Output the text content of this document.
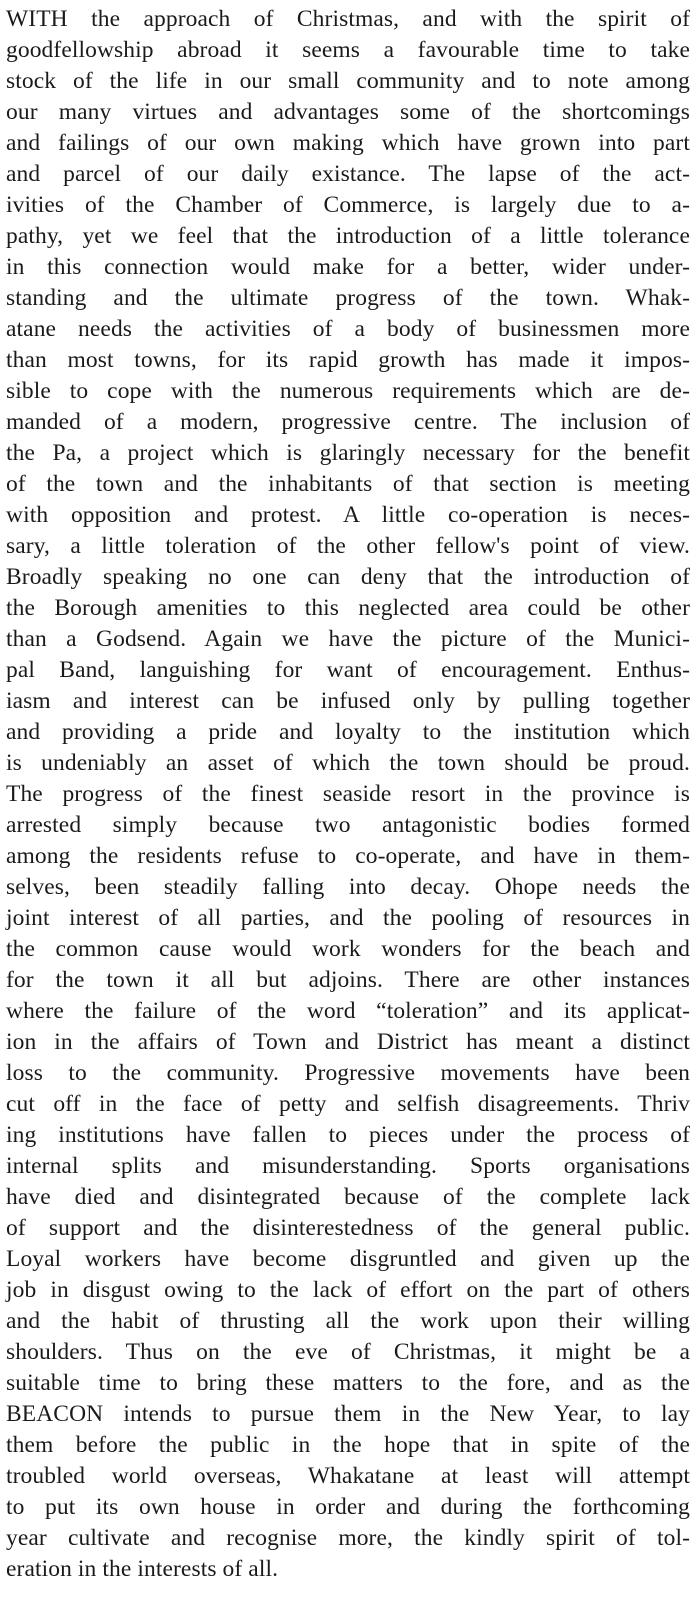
WITH the approach of Christmas, and with the spirit of
goodfellowship abroad it seems a favourable time to take
stock of the life in our small community and to note among
our many virtues and advantages some of the shortcomings
and failings of our own making which have grown into part
and parcel of our daily existance. The lapse of the act-
ivities of the Chamber of Commerce, is largely due to a-
pathy, yet we feel that the introduction of a little tolerance
in this connection would make for a better, wider under-
standing and the ultimate progress of the town. Whak-
atane needs the activities of a body of businessmen more
than most towns, for its rapid growth has made it impos-
sible to cope with the numerous requirements which are de-
manded of a modern, progressive centre. The inclusion of
the Pa, a project which is glaringly necessary for the benefit
of the town and the inhabitants of that section is meeting
with opposition and protest. A little co-operation is neces-
sary, a little toleration of the other fellow's point of view.
Broadly speaking no one can deny that the introduction of
the Borough amenities to this neglected area could be other
than a Godsend. Again we have the picture of the Munici-
pal Band, languishing for want of encouragement. Enthus-
iasm and interest can be infused only by pulling together
and providing a pride and loyalty to the institution which
is undeniably an asset of which the town should be proud.
The progress of the finest seaside resort in the province is
arrested simply because two antagonistic bodies formed
among the residents refuse to co-operate, and have in them-
selves, been steadily falling into decay. Ohope needs the
joint interest of all parties, and the pooling of resources in
the common cause would work wonders for the beach and
for the town it all but adjoins. There are other instances
where the failure of the word “toleration” and its applicat-
ion in the affairs of Town and District has meant a distinct
loss to the community. Progressive movements have been
cut off in the face of petty and selfish disagreements. Thriv
ing institutions have fallen to pieces under the process of
internal splits and misunderstanding. Sports organisations
have died and disintegrated because of the complete lack
of support and the disinterestedness of the general public.
Loyal workers have become disgruntled and given up the
job in disgust owing to the lack of effort on the part of others
and the habit of thrusting all the work upon their willing
shoulders. Thus on the eve of Christmas, it might be a
suitable time to bring these matters to the fore, and as the
BEACON intends to pursue them in the New Year, to lay
them before the public in the hope that in spite of the
troubled world overseas, Whakatane at least will attempt
to put its own house in order and during the forthcoming
year cultivate and recognise more, the kindly spirit of tol-
eration in the interests of all.
